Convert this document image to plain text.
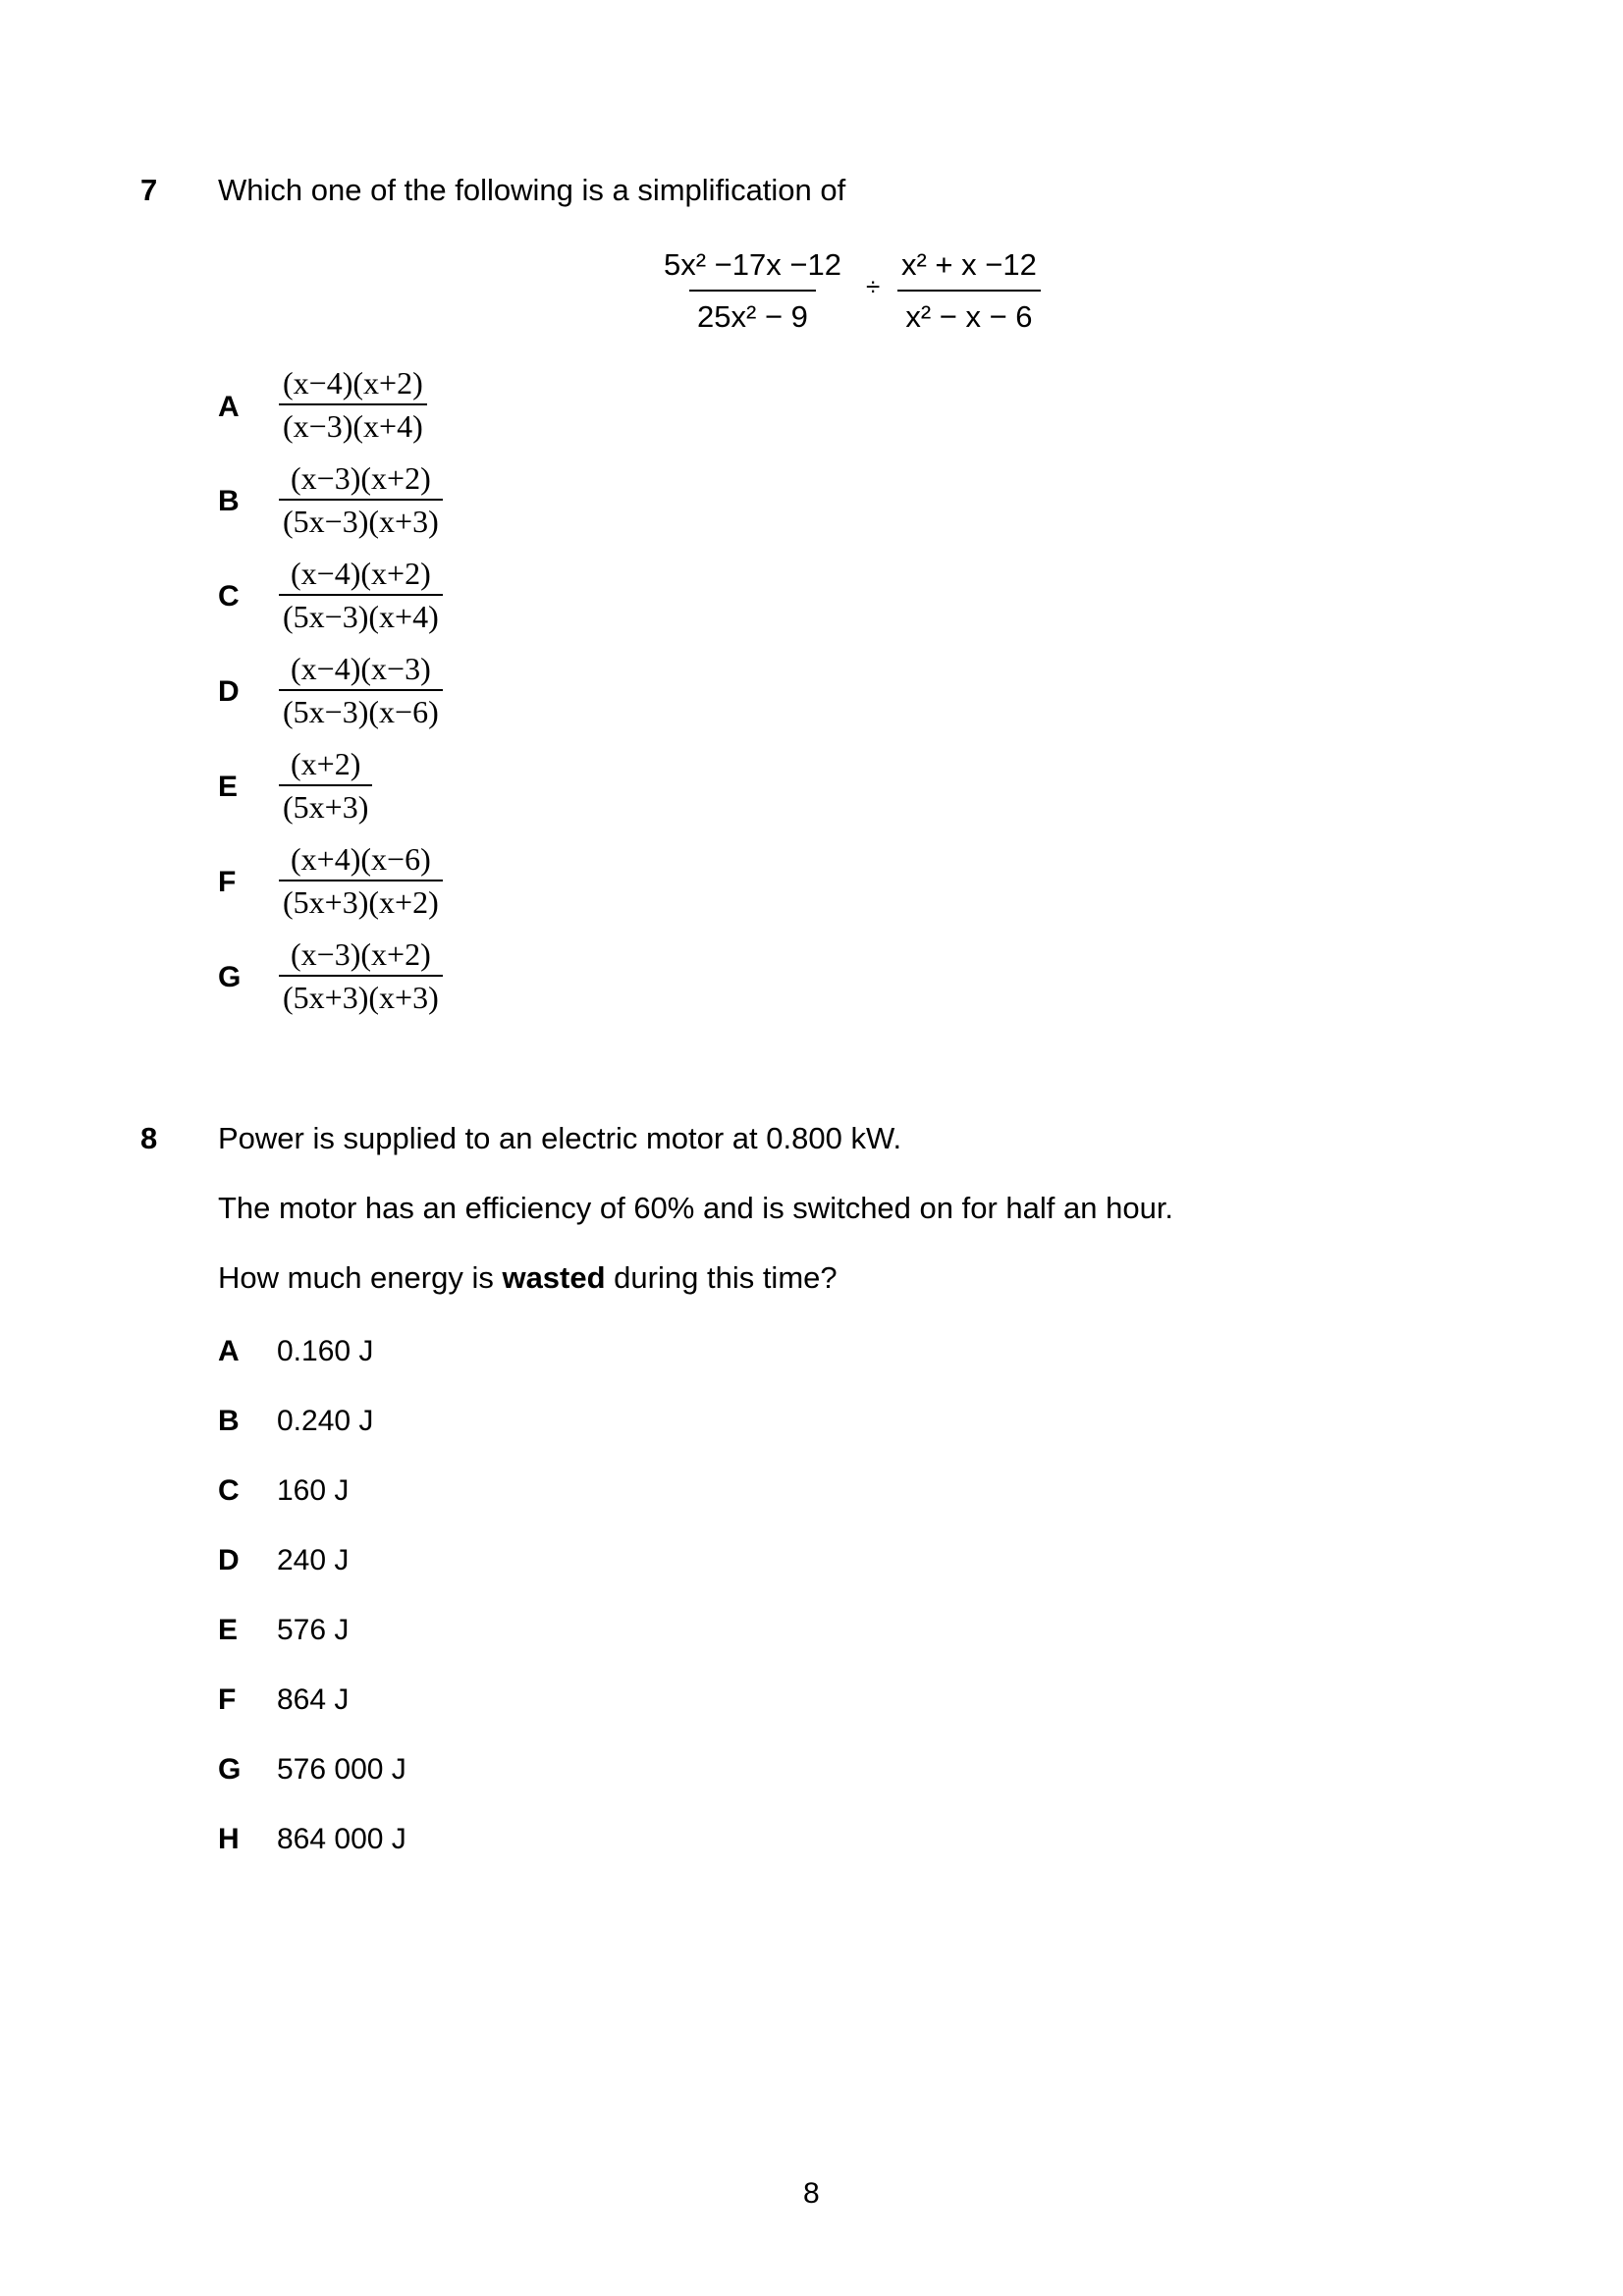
7 Which one of the following is a simplification of
$\frac{\text{5x² −17x −12}}{\text{25x² − 9}} \div \frac{\text{x² + x −12}}{\text{x² − x − 6}}$
A $\frac{(x-4)(x+2)}{(x-3)(x+4)}$
B $\frac{(x-3)(x+2)}{(5x-3)(x+3)}$
C $\frac{(x-4)(x+2)}{(5x-3)(x+4)}$
D $\frac{(x-4)(x-3)}{(5x-3)(x-6)}$
E $\frac{(x+2)}{(5x+3)}$
F $\frac{(x+4)(x-6)}{(5x+3)(x+2)}$
G $\frac{(x-3)(x+2)}{(5x+3)(x+3)}$
8 Power is supplied to an electric motor at 0.800 kW.
The motor has an efficiency of 60% and is switched on for half an hour.
How much energy is wasted during this time?
A 0.160 J
B 0.240 J
C 160 J
D 240 J
E 576 J
F 864 J
G 576 000 J
H 864 000 J
8
